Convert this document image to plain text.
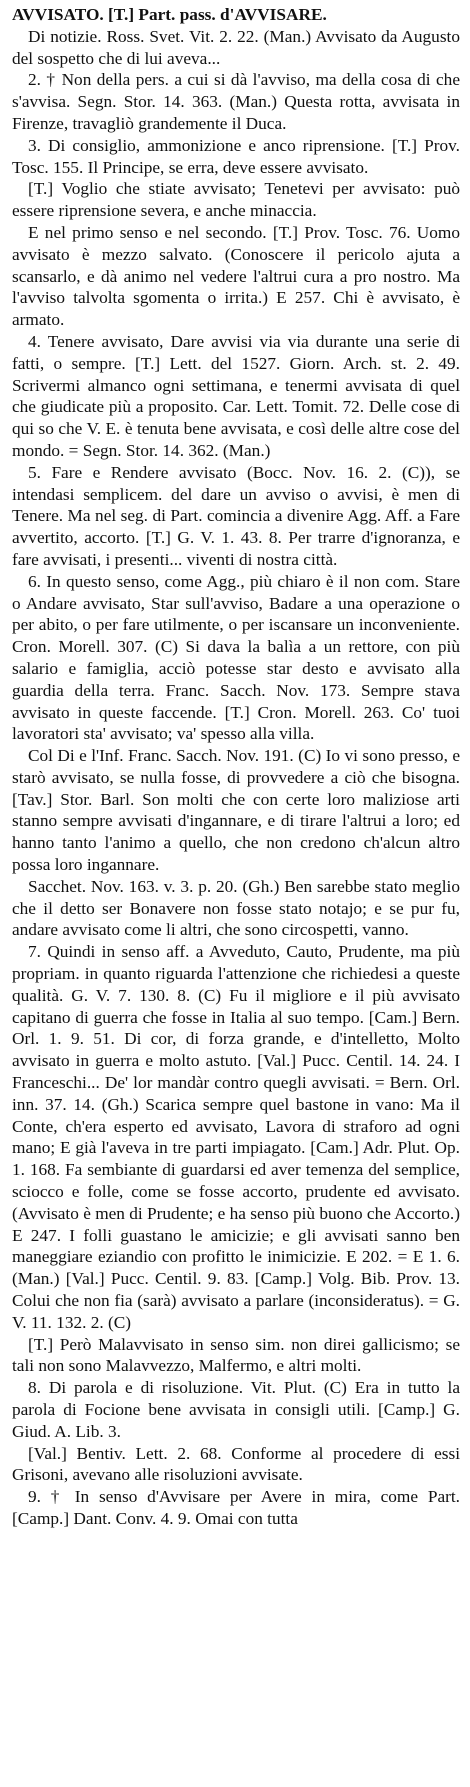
AVVISATO. [T.] Part. pass. d'AVVISARE.

Di notizie. Ross. Svet. Vit. 2. 22. (Man.) Avvisato da Augusto del sospetto che di lui aveva...

2. † Non della pers. a cui si dà l'avviso, ma della cosa di che s'avvisa. Segn. Stor. 14. 363. (Man.) Questa rotta, avvisata in Firenze, travagliò grandemente il Duca.

3. Di consiglio, ammonizione e anco riprensione. [T.] Prov. Tosc. 155. Il Principe, se erra, deve essere avvisato.

[T.] Voglio che stiate avvisato; Tenetevi per avvisato: può essere riprensione severa, e anche minaccia.

E nel primo senso e nel secondo. [T.] Prov. Tosc. 76. Uomo avvisato è mezzo salvato. (Conoscere il pericolo ajuta a scansarlo, e dà animo nel vedere l'altrui cura a pro nostro. Ma l'avviso talvolta sgomenta o irrita.) E 257. Chi è avvisato, è armato.

4. Tenere avvisato, Dare avvisi via via durante una serie di fatti, o sempre. [T.] Lett. del 1527. Giorn. Arch. st. 2. 49. Scrivermi almanco ogni settimana, e tenermi avvisata di quel che giudicate più a proposito. Car. Lett. Tomit. 72. Delle cose di qui so che V. E. è tenuta bene avvisata, e così delle altre cose del mondo. = Segn. Stor. 14. 362. (Man.)

5. Fare e Rendere avvisato (Bocc. Nov. 16. 2. (C)), se intendasi semplicem. del dare un avviso o avvisi, è men di Tenere. Ma nel seg. di Part. comincia a divenire Agg. Aff. a Fare avvertito, accorto. [T.] G. V. 1. 43. 8. Per trarre d'ignoranza, e fare avvisati, i presenti... viventi di nostra città.

6. In questo senso, come Agg., più chiaro è il non com. Stare o Andare avvisato, Star sull'avviso, Badare a una operazione o per abito, o per fare utilmente, o per iscansare un inconveniente. Cron. Morell. 307. (C) Si dava la balìa a un rettore, con più salario e famiglia, acciò potesse star desto e avvisato alla guardia della terra. Franc. Sacch. Nov. 173. Sempre stava avvisato in queste faccende. [T.] Cron. Morell. 263. Co' tuoi lavoratori sta' avvisato; va' spesso alla villa.

Col Di e l'Inf. Franc. Sacch. Nov. 191. (C) Io vi sono presso, e starò avvisato, se nulla fosse, di provvedere a ciò che bisogna. [Tav.] Stor. Barl. Son molti che con certe loro maliziose arti stanno sempre avvisati d'ingannare, e di tirare l'altrui a loro; ed hanno tanto l'animo a quello, che non credono ch'alcun altro possa loro ingannare.

Sacchet. Nov. 163. v. 3. p. 20. (Gh.) Ben sarebbe stato meglio che il detto ser Bonavere non fosse stato notajo; e se pur fu, andare avvisato come li altri, che sono circospetti, vanno.

7. Quindi in senso aff. a Avveduto, Cauto, Prudente, ma più propriam. in quanto riguarda l'attenzione che richiedesi a queste qualità. G. V. 7. 130. 8. (C) Fu il migliore e il più avvisato capitano di guerra che fosse in Italia al suo tempo. [Cam.] Bern. Orl. 1. 9. 51. Di cor, di forza grande, e d'intelletto, Molto avvisato in guerra e molto astuto. [Val.] Pucc. Centil. 14. 24. I Franceschi... De' lor mandàr contro quegli avvisati. = Bern. Orl. inn. 37. 14. (Gh.) Scarica sempre quel bastone in vano: Ma il Conte, ch'era esperto ed avvisato, Lavora di straforo ad ogni mano; E già l'aveva in tre parti impiagato. [Cam.] Adr. Plut. Op. 1. 168. Fa sembiante di guardarsi ed aver temenza del semplice, sciocco e folle, come se fosse accorto, prudente ed avvisato. (Avvisato è men di Prudente; e ha senso più buono che Accorto.) E 247. I folli guastano le amicizie; e gli avvisati sanno ben maneggiare eziandio con profitto le inimicizie. E 202. = E 1. 6. (Man.) [Val.] Pucc. Centil. 9. 83. [Camp.] Volg. Bib. Prov. 13. Colui che non fia (sarà) avvisato a parlare (inconsideratus). = G. V. 11. 132. 2. (C)

[T.] Però Malavvisato in senso sim. non direi gallicismo; se tali non sono Malavvezzo, Malfermo, e altri molti.

8. Di parola e di risoluzione. Vit. Plut. (C) Era in tutto la parola di Focione bene avvisata in consigli utili. [Camp.] G. Giud. A. Lib. 3.

[Val.] Bentiv. Lett. 2. 68. Conforme al procedere di essi Grisoni, avevano alle risoluzioni avvisate.

9. † In senso d'Avvisare per Avere in mira, come Part. [Camp.] Dant. Conv. 4. 9. Omai con tutta
